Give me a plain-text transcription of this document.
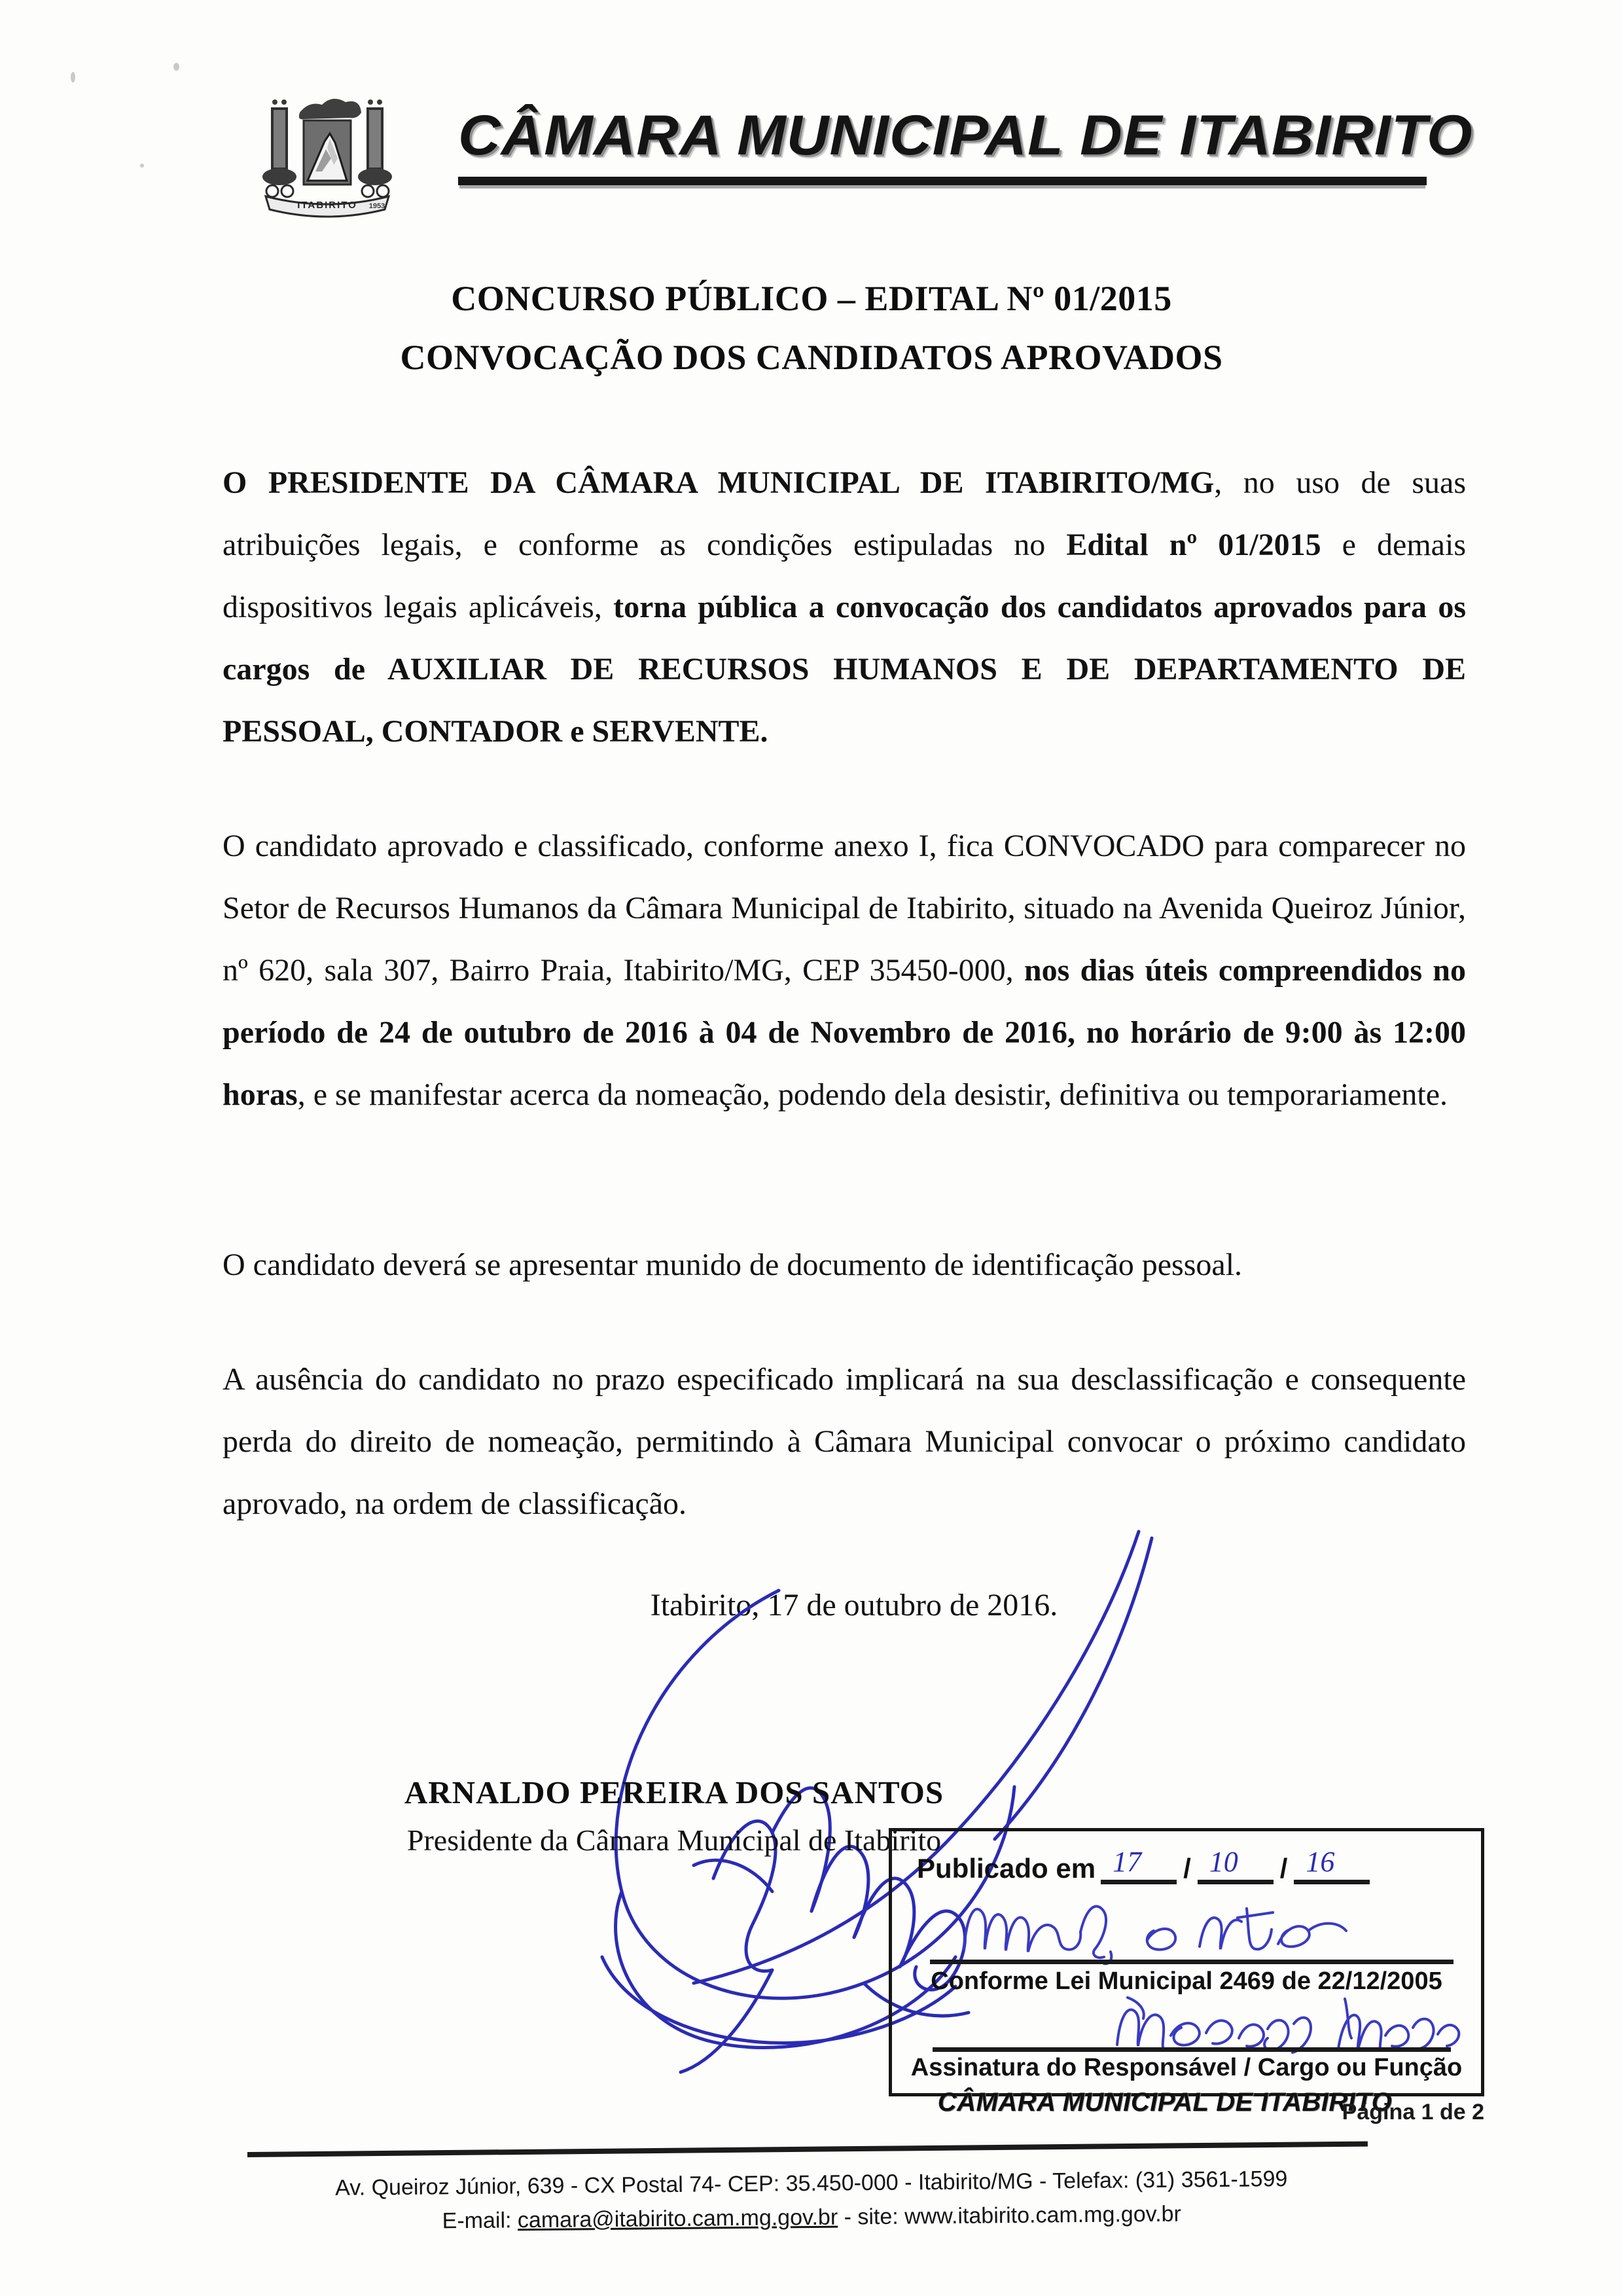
ITABIRITO 1953
CÂMARA MUNICIPAL DE ITABIRITO
CONCURSO PÚBLICO – EDITAL Nº 01/2015
CONVOCAÇÃO DOS CANDIDATOS APROVADOS
O PRESIDENTE DA CÂMARA MUNICIPAL DE ITABIRITO/MG, no uso de suas atribuições legais, e conforme as condições estipuladas no Edital nº 01/2015 e demais dispositivos legais aplicáveis, torna pública a convocação dos candidatos aprovados para os cargos de AUXILIAR DE RECURSOS HUMANOS E DE DEPARTAMENTO DE PESSOAL, CONTADOR e SERVENTE.
O candidato aprovado e classificado, conforme anexo I, fica CONVOCADO para comparecer no Setor de Recursos Humanos da Câmara Municipal de Itabirito, situado na Avenida Queiroz Júnior, nº 620, sala 307, Bairro Praia, Itabirito/MG, CEP 35450-000, nos dias úteis compreendidos no período de 24 de outubro de 2016 à 04 de Novembro de 2016, no horário de 9:00 às 12:00 horas, e se manifestar acerca da nomeação, podendo dela desistir, definitiva ou temporariamente.
O candidato deverá se apresentar munido de documento de identificação pessoal.
A ausência do candidato no prazo especificado implicará na sua desclassificação e consequente perda do direito de nomeação, permitindo à Câmara Municipal convocar o próximo candidato aprovado, na ordem de classificação.
Itabirito, 17 de outubro de 2016.
ARNALDO PEREIRA DOS SANTOS
Presidente da Câmara Municipal de Itabirito
Publicado em 17 / 10 / 16
Conforme Lei Municipal 2469 de 22/12/2005
Assinatura do Responsável / Cargo ou Função
CÂMARA MUNICIPAL DE ITABIRITO
Página 1 de 2
Av. Queiroz Júnior, 639 - CX Postal 74- CEP: 35.450-000 - Itabirito/MG - Telefax: (31) 3561-1599
E-mail: camara@itabirito.cam.mg.gov.br - site: www.itabirito.cam.mg.gov.br
